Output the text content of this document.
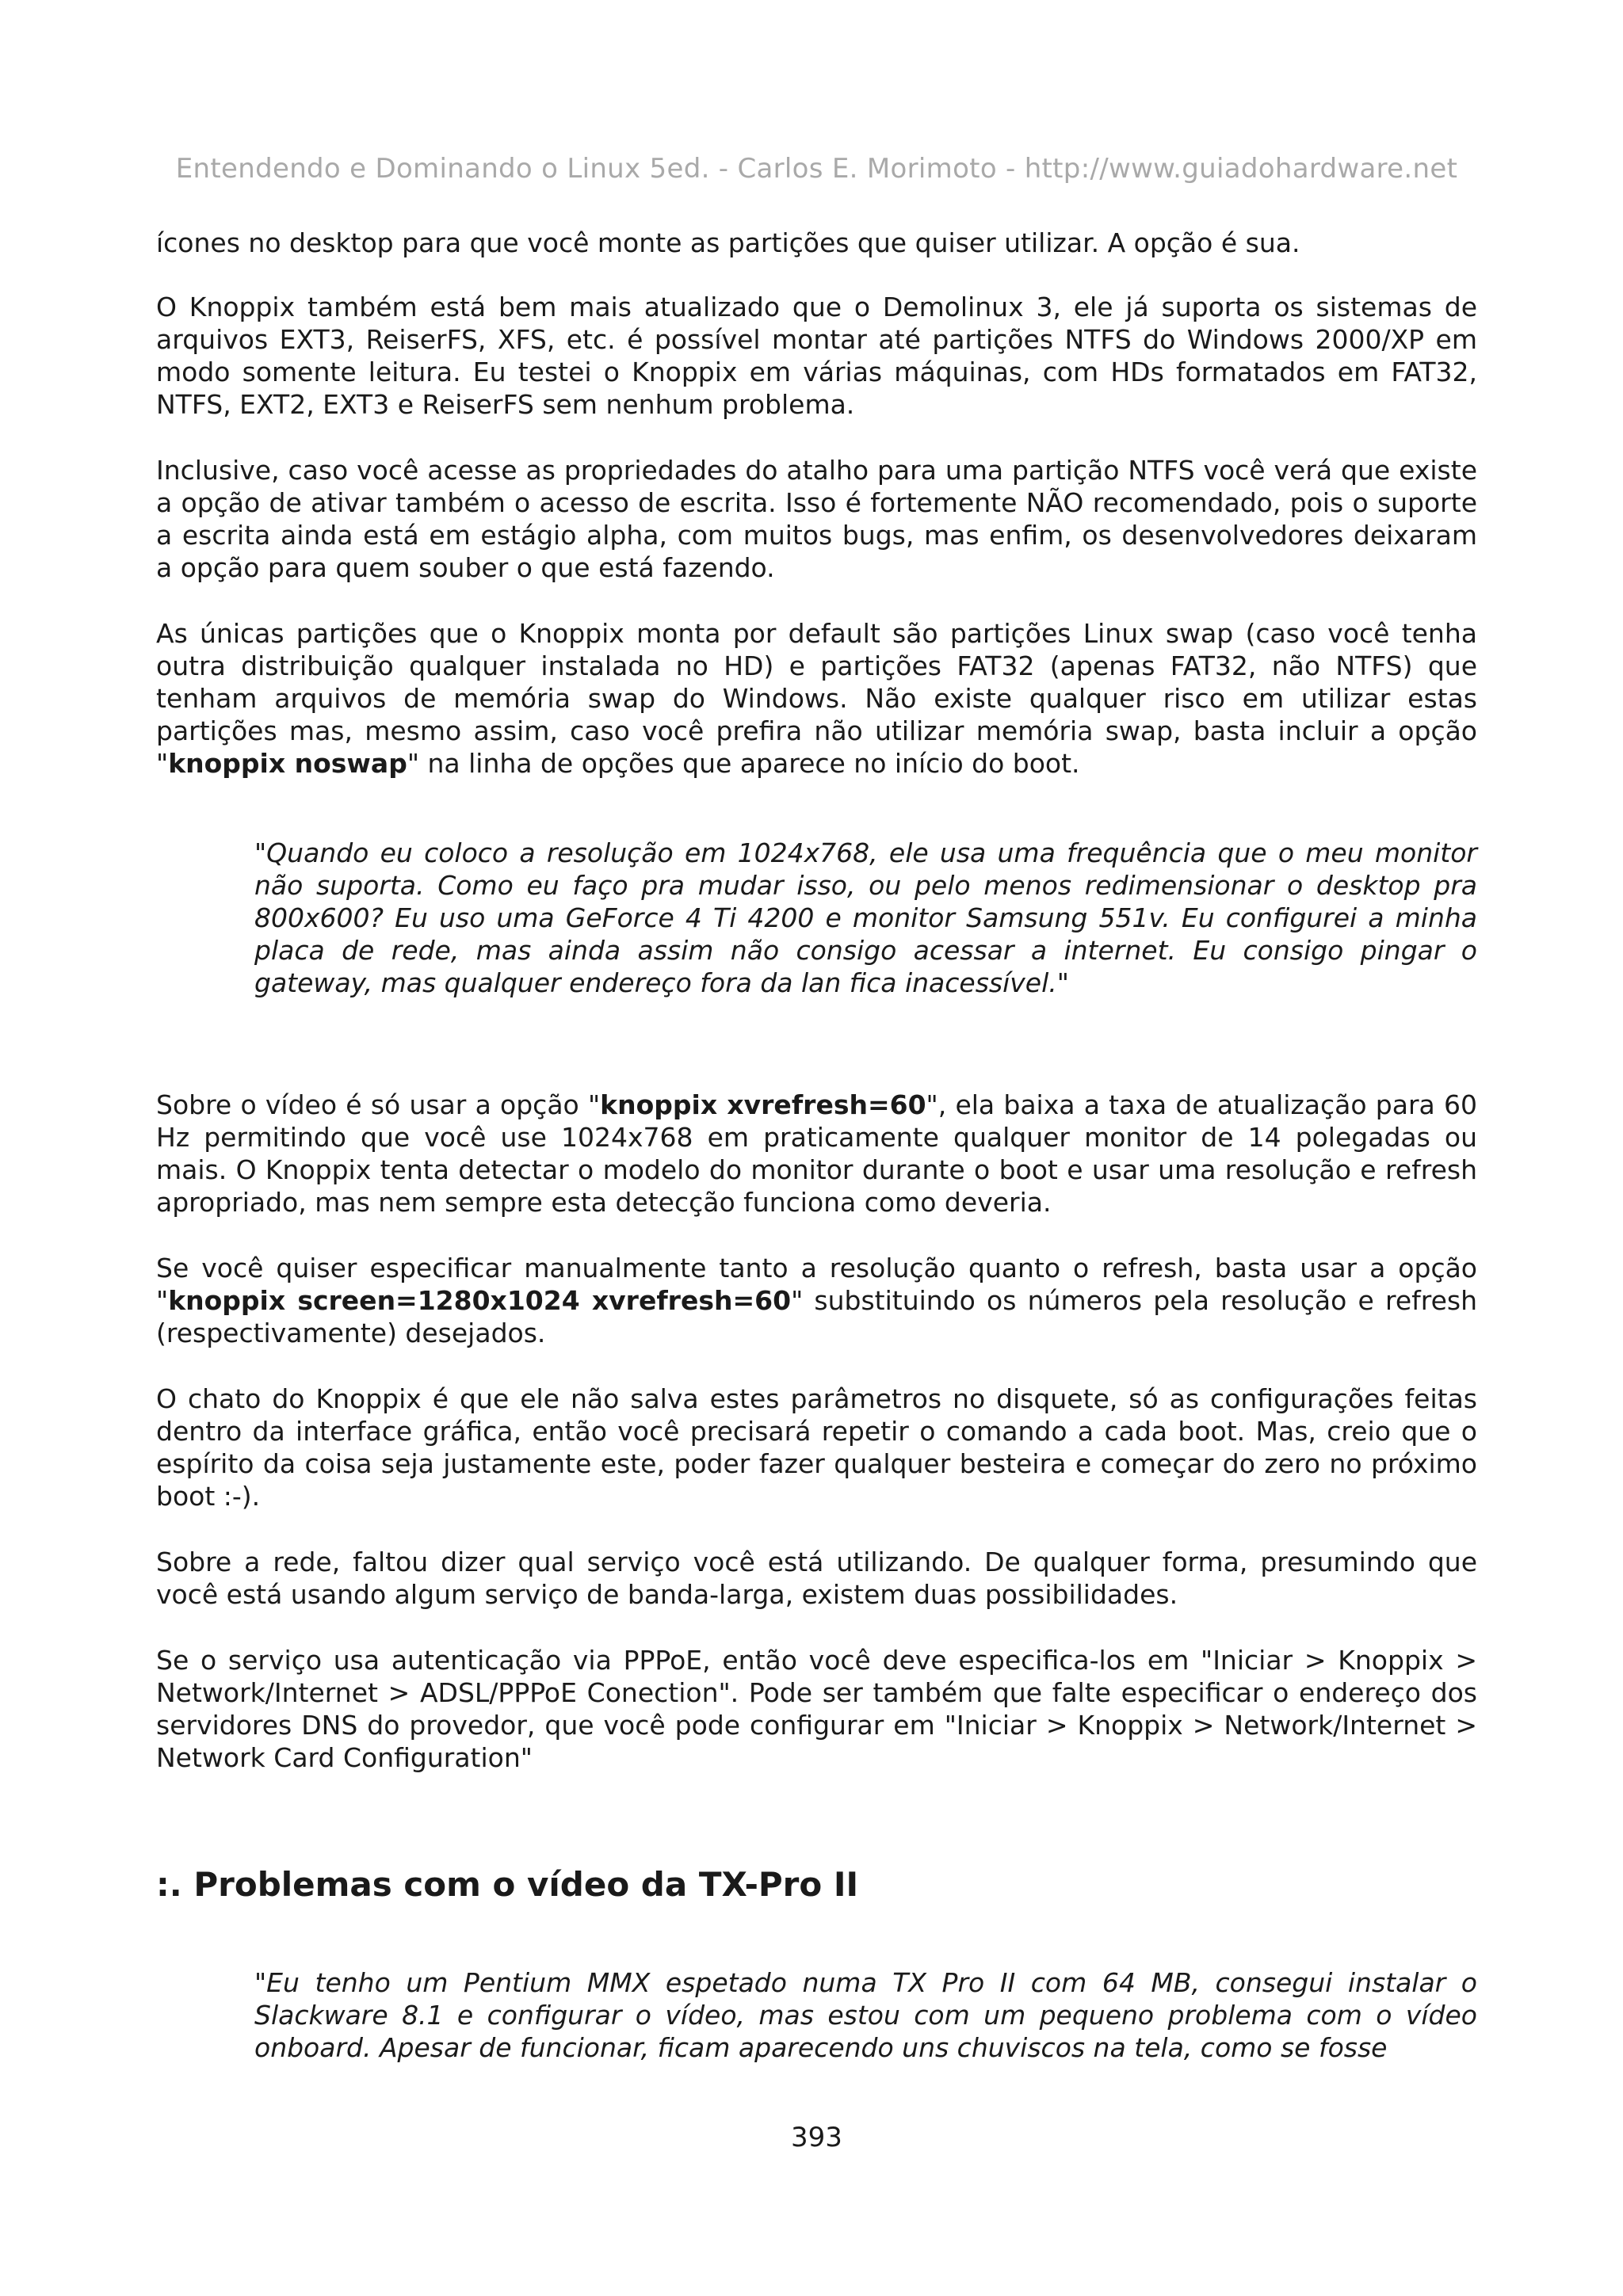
Entendendo e Dominando o Linux 5ed. - Carlos E. Morimoto - http://www.guiadohardware.net

ícones no desktop para que você monte as partições que quiser utilizar. A opção é sua.

O Knoppix também está bem mais atualizado que o Demolinux 3, ele já suporta os sistemas de arquivos EXT3, ReiserFS, XFS, etc. é possível montar até partições NTFS do Windows 2000/XP em modo somente leitura. Eu testei o Knoppix em várias máquinas, com HDs formatados em FAT32, NTFS, EXT2, EXT3 e ReiserFS sem nenhum problema.

Inclusive, caso você acesse as propriedades do atalho para uma partição NTFS você verá que existe a opção de ativar também o acesso de escrita. Isso é fortemente NÃO recomendado, pois o suporte a escrita ainda está em estágio alpha, com muitos bugs, mas enfim, os desenvolvedores deixaram a opção para quem souber o que está fazendo.

As únicas partições que o Knoppix monta por default são partições Linux swap (caso você tenha outra distribuição qualquer instalada no HD) e partições FAT32 (apenas FAT32, não NTFS) que tenham arquivos de memória swap do Windows. Não existe qualquer risco em utilizar estas partições mas, mesmo assim, caso você prefira não utilizar memória swap, basta incluir a opção "knoppix noswap" na linha de opções que aparece no início do boot.

"Quando eu coloco a resolução em 1024x768, ele usa uma frequência que o meu monitor não suporta. Como eu faço pra mudar isso, ou pelo menos redimensionar o desktop pra 800x600? Eu uso uma GeForce 4 Ti 4200 e monitor Samsung 551v. Eu configurei a minha placa de rede, mas ainda assim não consigo acessar a internet. Eu consigo pingar o gateway, mas qualquer endereço fora da lan fica inacessível."

Sobre o vídeo é só usar a opção "knoppix xvrefresh=60", ela baixa a taxa de atualização para 60 Hz permitindo que você use 1024x768 em praticamente qualquer monitor de 14 polegadas ou mais. O Knoppix tenta detectar o modelo do monitor durante o boot e usar uma resolução e refresh apropriado, mas nem sempre esta detecção funciona como deveria.

Se você quiser especificar manualmente tanto a resolução quanto o refresh, basta usar a opção "knoppix screen=1280x1024 xvrefresh=60" substituindo os números pela resolução e refresh (respectivamente) desejados.

O chato do Knoppix é que ele não salva estes parâmetros no disquete, só as configurações feitas dentro da interface gráfica, então você precisará repetir o comando a cada boot. Mas, creio que o espírito da coisa seja justamente este, poder fazer qualquer besteira e começar do zero no próximo boot :-).

Sobre a rede, faltou dizer qual serviço você está utilizando. De qualquer forma, presumindo que você está usando algum serviço de banda-larga, existem duas possibilidades.

Se o serviço usa autenticação via PPPoE, então você deve especifica-los em "Iniciar > Knoppix > Network/Internet > ADSL/PPPoE Conection". Pode ser também que falte especificar o endereço dos servidores DNS do provedor, que você pode configurar em "Iniciar > Knoppix > Network/Internet > Network Card Configuration"

:. Problemas com o vídeo da TX-Pro II

"Eu tenho um Pentium MMX espetado numa TX Pro II com 64 MB, consegui instalar o Slackware 8.1 e configurar o vídeo, mas estou com um pequeno problema com o vídeo onboard. Apesar de funcionar, ficam aparecendo uns chuviscos na tela, como se fosse

393
